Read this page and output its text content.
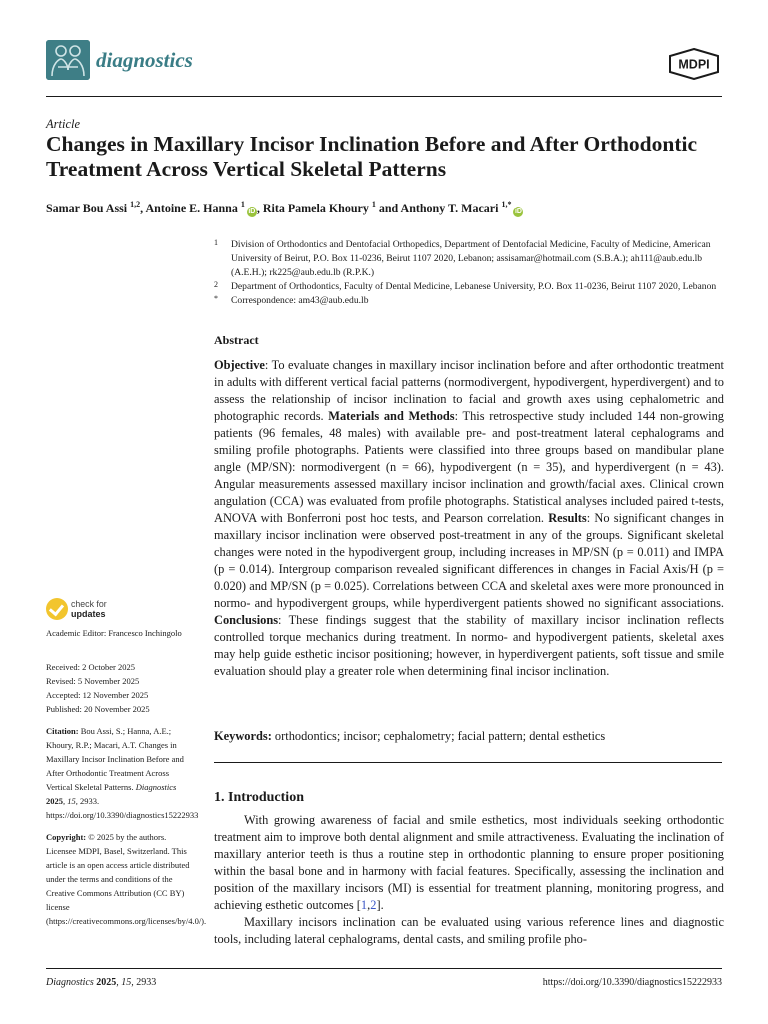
diagnostics	MDPI
Article
Changes in Maxillary Incisor Inclination Before and After Orthodontic Treatment Across Vertical Skeletal Patterns
Samar Bou Assi $^{1,2}$, Antoine E. Hanna $^1$iD , Rita Pamela Khoury $^1$ and Anthony T. Macari $^{1,*}$iD
1 Division of Orthodontics and Dentofacial Orthopedics, Department of Dentofacial Medicine, Faculty of Medicine, American University of Beirut, P.O. Box 11-0236, Beirut 1107 2020, Lebanon; assisamar@hotmail.com (S.B.A.); ah111@aub.edu.lb (A.E.H.); rk225@aub.edu.lb (R.P.K.)
2 Department of Orthodontics, Faculty of Dental Medicine, Lebanese University, P.O. Box 11-0236, Beirut 1107 2020, Lebanon
* Correspondence: am43@aub.edu.lb
Abstract

Objective: To evaluate changes in maxillary incisor inclination before and after orthodontic treatment in adults with different vertical facial patterns (normodivergent, hypodivergent, hyperdivergent) and to assess the relationship of incisor inclination to facial and growth axes using cephalometric and photographic records. Materials and Methods: This retrospective study included 144 non-growing patients (96 females, 48 males) with available pre- and post-treatment lateral cephalograms and smiling profile photographs. Patients were classified into three groups based on mandibular plane angle (MP/SN): normodivergent (n = 66), hypodivergent (n = 35), and hyperdivergent (n = 43). Angular measurements assessed maxillary incisor inclination and growth/facial axes. Clinical crown angulation (CCA) was evaluated from profile photographs. Statistical analyses included paired t-tests, ANOVA with Bonferroni post hoc tests, and Pearson correlation. Results: No significant changes in maxillary incisor inclination were observed post-treatment in any of the groups. Significant skeletal changes were noted in the hypodivergent group, including increases in MP/SN (p = 0.011) and IMPA (p = 0.014). Intergroup comparison revealed significant differences in changes in Facial Axis/H (p = 0.020) and MP/SN (p = 0.025). Correlations between CCA and skeletal axes were more pronounced in normo- and hypodivergent groups, while hyperdivergent patients showed no significant associations. Conclusions: These findings suggest that the stability of maxillary incisor inclination reflects controlled torque mechanics during treatment. In normo- and hypodivergent patients, skeletal axes may help guide esthetic incisor positioning; however, in hyperdivergent patients, soft tissue and smile evaluation should play a greater role when determining final incisor inclination.

Keywords: orthodontics; incisor; cephalometry; facial pattern; dental esthetics

check for
updates

Academic Editor: Francesco Inchingolo

Received: 2 October 2025
Revised: 5 November 2025
Accepted: 12 November 2025
Published: 20 November 2025

Citation: Bou Assi, S.; Hanna, A.E.; Khoury, R.P.; Macari, A.T. Changes in Maxillary Incisor Inclination Before and After Orthodontic Treatment Across Vertical Skeletal Patterns. Diagnostics 2025, 15, 2933. https://doi.org/10.3390/diagnostics15222933

Copyright: © 2025 by the authors. Licensee MDPI, Basel, Switzerland. This article is an open access article distributed under the terms and conditions of the Creative Commons Attribution (CC BY) license (https://creativecommons.org/licenses/by/4.0/).

1. Introduction

With growing awareness of facial and smile esthetics, most individuals seeking orthodontic treatment aim to improve both dental alignment and smile attractiveness. Evaluating the inclination of maxillary anterior teeth is thus a routine step in orthodontic planning to ensure proper positioning within the basal bone and in harmony with facial features. Specifically, assessing the inclination and position of the maxillary incisors (MI) is essential for treatment planning, monitoring progress, and achieving esthetic outcomes [1,2].

Maxillary incisors inclination can be evaluated using various reference lines and diagnostic tools, including lateral cephalograms, dental casts, and smiling profile pho-

Diagnostics 2025, 15, 2933	https://doi.org/10.3390/diagnostics15222933
